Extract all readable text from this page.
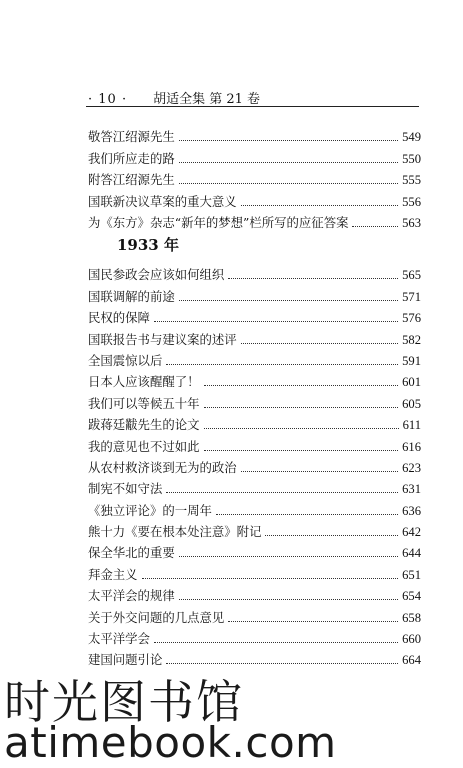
· 10 · 胡适全集 第 21 卷
敬答江绍源先生	549
我们所应走的路	550
附答江绍源先生	555
国联新决议草案的重大意义	556
为《东方》杂志“新年的梦想”栏所写的应征答案	563
1933 年
国民参政会应该如何组织	565
国联调解的前途	571
民权的保障	576
国联报告书与建议案的述评	582
全国震惊以后	591
日本人应该醒醒了！	601
我们可以等候五十年	605
跋蒋廷黻先生的论文	611
我的意见也不过如此	616
从农村救济谈到无为的政治	623
制宪不如守法	631
《独立评论》的一周年	636
熊十力《要在根本处注意》附记	642
保全华北的重要	644
拜金主义	651
太平洋会的规律	654
关于外交问题的几点意见	658
太平洋学会	660
建国问题引论	664
时光图书馆
atimebook.com
